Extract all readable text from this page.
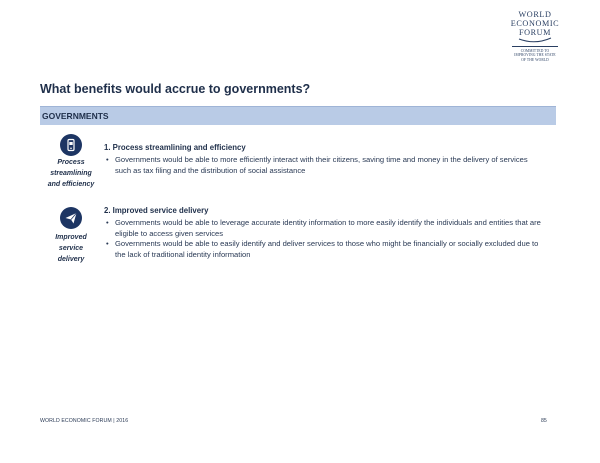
WORLD
ECONOMIC
FORUM
COMMITTED TO IMPROVING THE STATE OF THE WORLD
What benefits would accrue to governments?
GOVERNMENTS
Process
streamlining
and efficiency

1. Process streamlining and efficiency

• Governments would be able to more efficiently interact with their citizens, saving time and money in the delivery of services such as tax filing and the distribution of social assistance
Improved
service
delivery

2. Improved service delivery

• Governments would be able to leverage accurate identity information to more easily identify the individuals and entities that are eligible to access given services
• Governments would be able to easily identify and deliver services to those who might be financially or socially excluded due to the lack of traditional identity information
WORLD ECONOMIC FORUM | 2016	85
